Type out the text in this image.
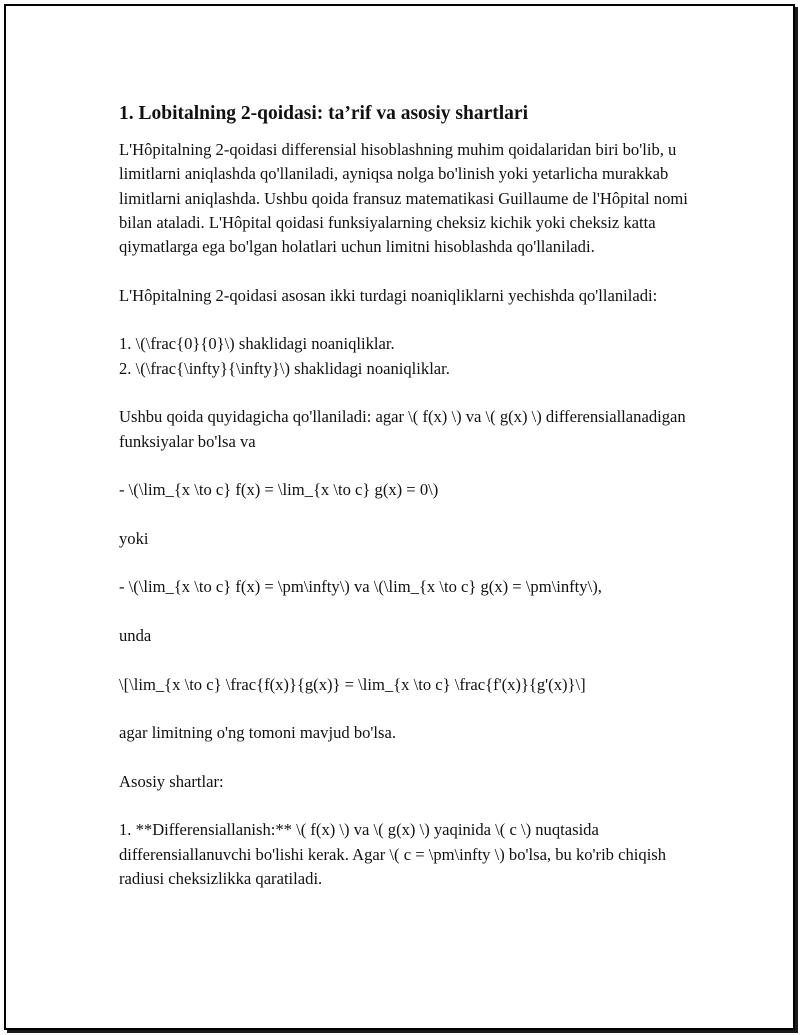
1. Lobitalning 2-qoidasi: ta’rif va asosiy shartlari

L'Hôpitalning 2-qoidasi differensial hisoblashning muhim qoidalaridan biri bo'lib, u limitlarni aniqlashda qo'llaniladi, ayniqsa nolga bo'linish yoki yetarlicha murakkab limitlarni aniqlashda. Ushbu qoida fransuz matematikasi Guillaume de l'Hôpital nomi bilan ataladi. L'Hôpital qoidasi funksiyalarning cheksiz kichik yoki cheksiz katta qiymatlarga ega bo'lgan holatlari uchun limitni hisoblashda qo'llaniladi.

L'Hôpitalning 2-qoidasi asosan ikki turdagi noaniqliklarni yechishda qo'llaniladi:

1. \(\frac{0}{0}\) shaklidagi noaniqliklar.
2. \(\frac{\infty}{\infty}\) shaklidagi noaniqliklar.

Ushbu qoida quyidagicha qo'llaniladi: agar \( f(x) \) va \( g(x) \) differensiallanadigan funksiyalar bo'lsa va

- \(\lim_{x \to c} f(x) = \lim_{x \to c} g(x) = 0\)

yoki

- \(\lim_{x \to c} f(x) = \pm\infty\) va \(\lim_{x \to c} g(x) = \pm\infty\),

unda

\[\lim_{x \to c} \frac{f(x)}{g(x)} = \lim_{x \to c} \frac{f'(x)}{g'(x)}\]

agar limitning o'ng tomoni mavjud bo'lsa.

Asosiy shartlar:

1. **Differensiallanish:** \( f(x) \) va \( g(x) \) yaqinida \( c \) nuqtasida differensiallanuvchi bo'lishi kerak. Agar \( c = \pm\infty \) bo'lsa, bu ko'rib chiqish radiusi cheksizlikka qaratiladi.
